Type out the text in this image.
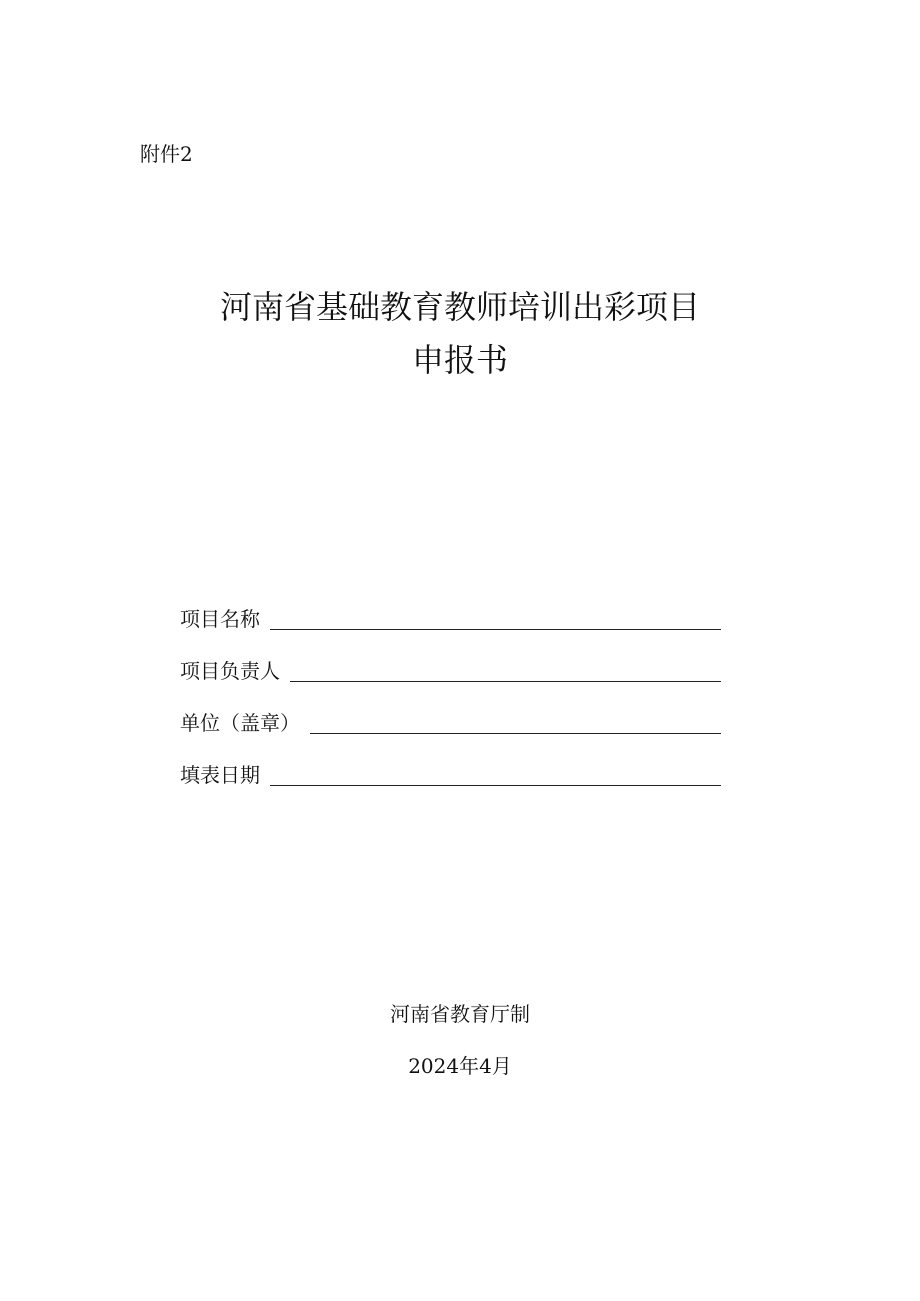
附件2
河南省基础教育教师培训出彩项目
申报书
项目名称
项目负责人
单位（盖章）
填表日期
河南省教育厅制
2024年4月
